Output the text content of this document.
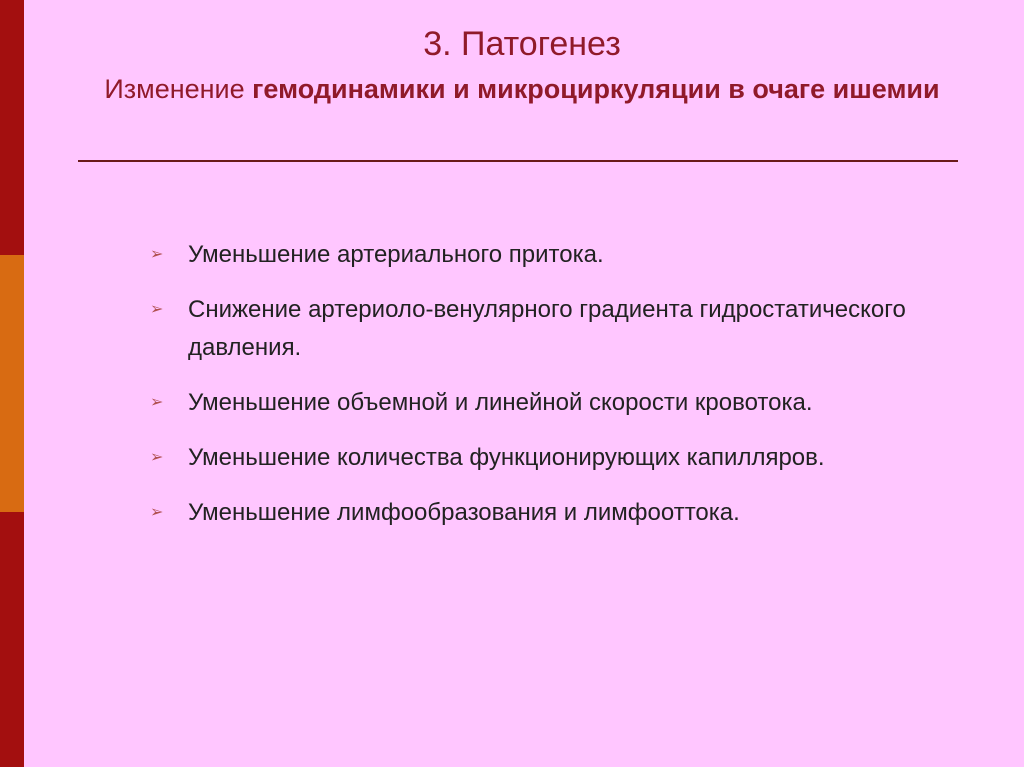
3. Патогенез

Изменение гемодинамики и микроциркуляции в очаге ишемии

➢	Уменьшение артериального притока.
➢	Снижение артериоло-венулярного градиента гидростатического давления.
➢	Уменьшение объемной и линейной скорости кровотока.
➢	Уменьшение количества функционирующих капилляров.
➢	Уменьшение лимфообразования и лимфооттока.
